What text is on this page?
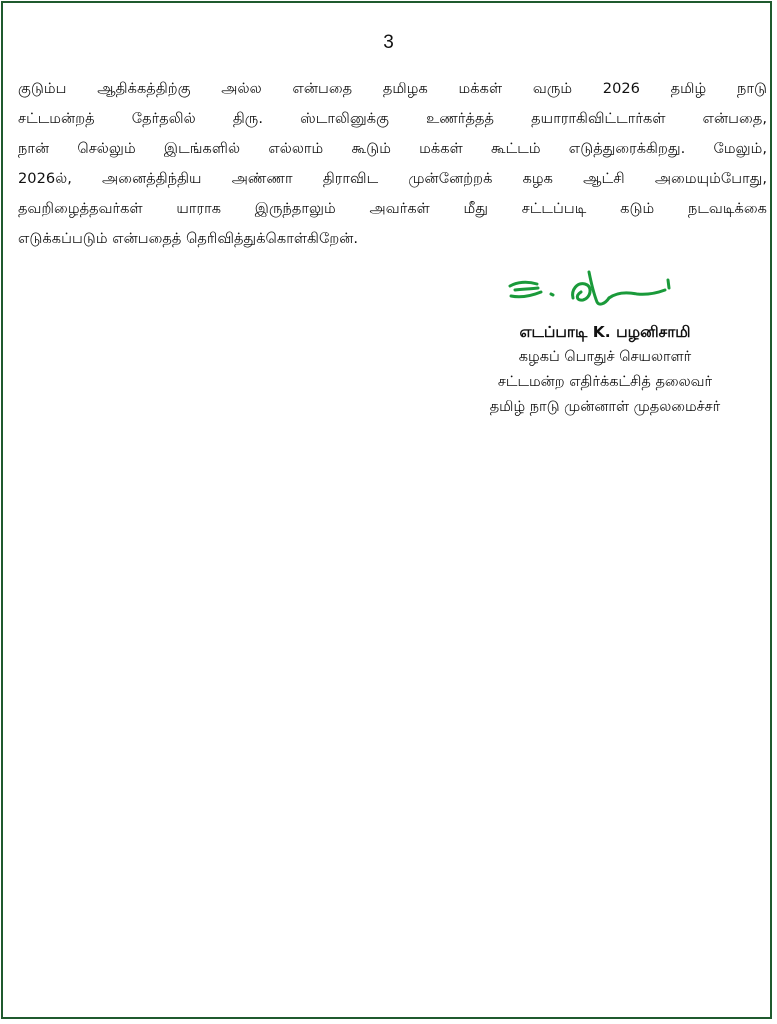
3
குடும்ப ஆதிக்கத்திற்கு அல்ல என்பதை தமிழக மக்கள் வரும் 2026 தமிழ் நாடு
சட்டமன்றத் தேர்தலில் திரு. ஸ்டாலினுக்கு உணர்த்தத் தயாராகிவிட்டார்கள் என்பதை,
நான் செல்லும் இடங்களில் எல்லாம் கூடும் மக்கள் கூட்டம் எடுத்துரைக்கிறது. மேலும்,
2026ல், அனைத்திந்திய அண்ணா திராவிட முன்னேற்றக் கழக ஆட்சி அமையும்போது,
தவறிழைத்தவர்கள் யாராக இருந்தாலும் அவர்கள் மீது சட்டப்படி கடும் நடவடிக்கை
எடுக்கப்படும் என்பதைத் தெரிவித்துக்கொள்கிறேன்.
எடப்பாடி K. பழனிசாமி
கழகப் பொதுச் செயலாளர்
சட்டமன்ற எதிர்க்கட்சித் தலைவர்
தமிழ் நாடு முன்னாள் முதலமைச்சர்
